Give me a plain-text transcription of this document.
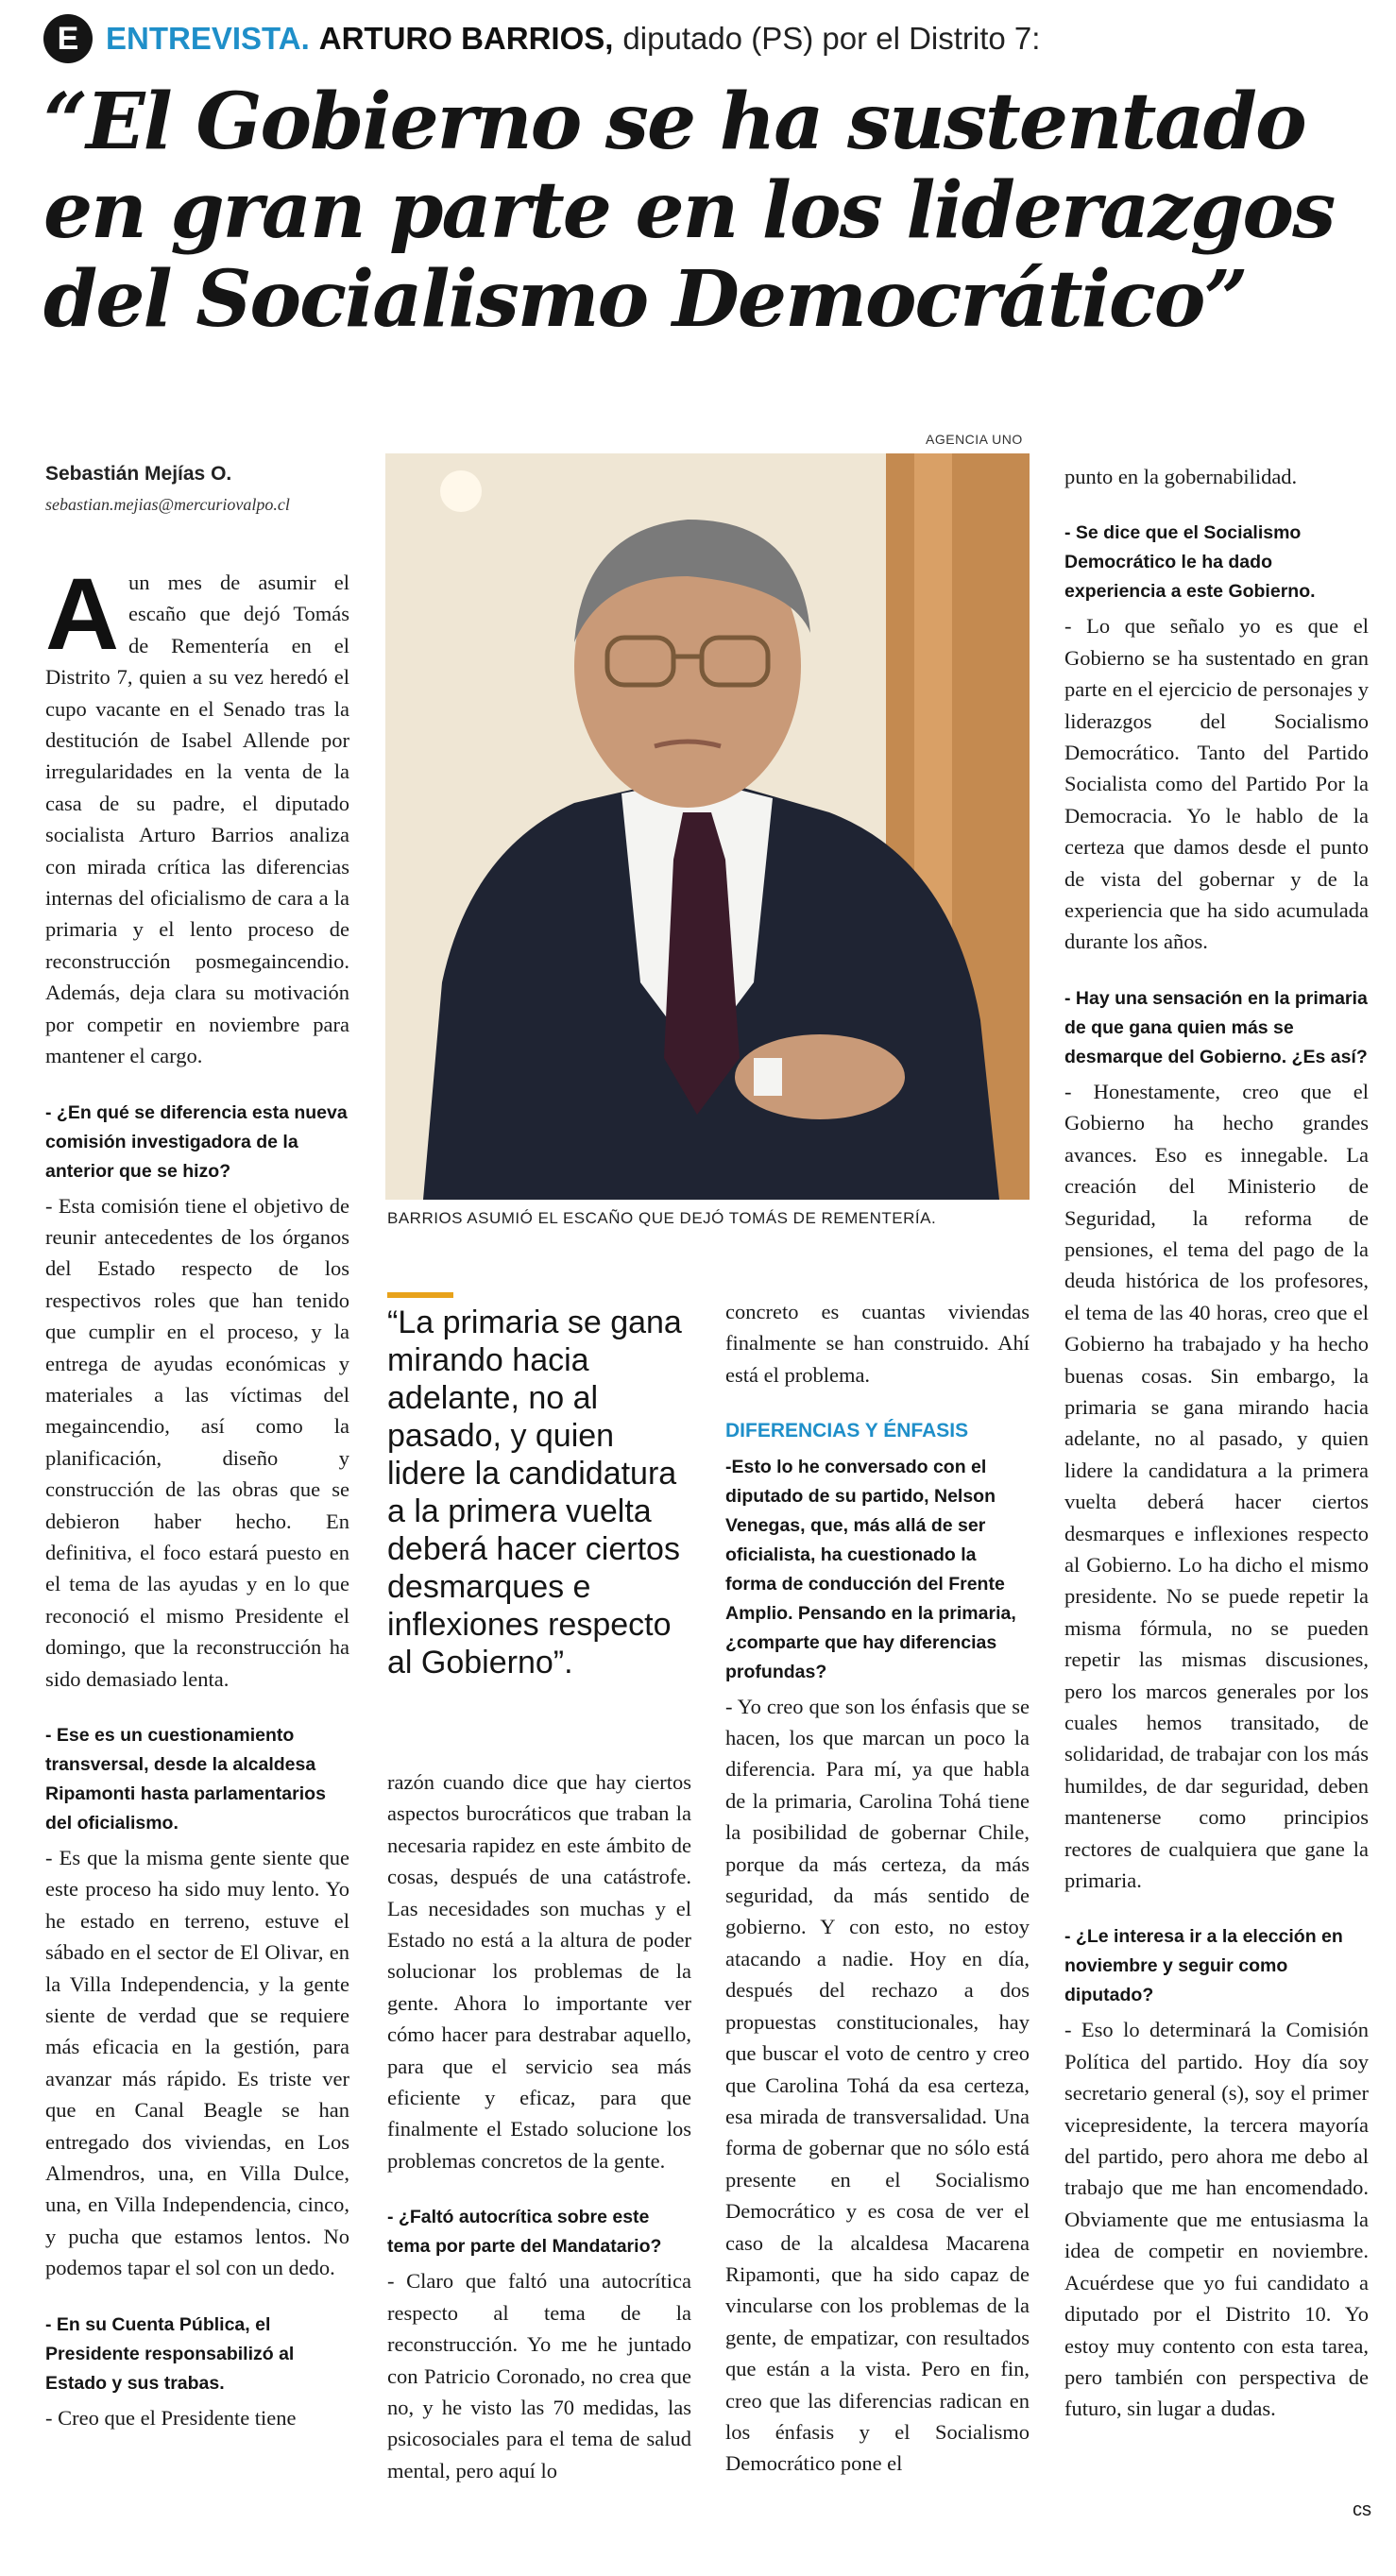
E ENTREVISTA. ARTURO BARRIOS, diputado (PS) por el Distrito 7:
“El Gobierno se ha sustentado en gran parte en los liderazgos del Socialismo Democrático”
Sebastián Mejías O.
sebastian.mejias@mercuriovalpo.cl
AGENCIA UNO
BARRIOS ASUMIÓ EL ESCAÑO QUE DEJÓ TOMÁS DE REMENTERÍA.

A un mes de asumir el escaño que dejó Tomás de Rementería en el Distrito 7, quien a su vez heredó el cupo vacante en el Senado tras la destitución de Isabel Allende por irregularidades en la venta de la casa de su padre, el diputado socialista Arturo Barrios analiza con mirada crítica las diferencias internas del oficialismo de cara a la primaria y el lento proceso de reconstrucción posmegaincendio. Además, deja clara su motivación por competir en noviembre para mantener el cargo.

- ¿En qué se diferencia esta nueva comisión investigadora de la anterior que se hizo?

- Esta comisión tiene el objetivo de reunir antecedentes de los órganos del Estado respecto de los respectivos roles que han tenido que cumplir en el proceso, y la entrega de ayudas económicas y materiales a las víctimas del megaincendio, así como la planificación, diseño y construcción de las obras que se debieron haber hecho. En definitiva, el foco estará puesto en el tema de las ayudas y en lo que reconoció el mismo Presidente el domingo, que la reconstrucción ha sido demasiado lenta.

- Ese es un cuestionamiento transversal, desde la alcaldesa Ripamonti hasta parlamentarios del oficialismo.

- Es que la misma gente siente que este proceso ha sido muy lento. Yo he estado en terreno, estuve el sábado en el sector de El Olivar, en la Villa Independencia, y la gente siente de verdad que se requiere más eficacia en la gestión, para avanzar más rápido. Es triste ver que en Canal Beagle se han entregado dos viviendas, en Los Almendros, una, en Villa Dulce, una, en Villa Independencia, cinco, y pucha que estamos lentos. No podemos tapar el sol con un dedo.

- En su Cuenta Pública, el Presidente responsabilizó al Estado y sus trabas.

- Creo que el Presidente tiene

“La primaria se gana mirando hacia adelante, no al pasado, y quien lidere la candidatura a la primera vuelta deberá hacer ciertos desmarques e inflexiones respecto al Gobierno”.

razón cuando dice que hay ciertos aspectos burocráticos que traban la necesaria rapidez en este ámbito de cosas, después de una catástrofe. Las necesidades son muchas y el Estado no está a la altura de poder solucionar los problemas de la gente. Ahora lo importante ver cómo hacer para destrabar aquello, para que el servicio sea más eficiente y eficaz, para que finalmente el Estado solucione los problemas concretos de la gente.

- ¿Faltó autocrítica sobre este tema por parte del Mandatario?

- Claro que faltó una autocrítica respecto al tema de la reconstrucción. Yo me he juntado con Patricio Coronado, no crea que no, y he visto las 70 medidas, las psicosociales para el tema de salud mental, pero aquí lo

concreto es cuantas viviendas finalmente se han construido. Ahí está el problema.

DIFERENCIAS Y ÉNFASIS
-Esto lo he conversado con el diputado de su partido, Nelson Venegas, que, más allá de ser oficialista, ha cuestionado la forma de conducción del Frente Amplio. Pensando en la primaria, ¿comparte que hay diferencias profundas?

- Yo creo que son los énfasis que se hacen, los que marcan un poco la diferencia. Para mí, ya que habla de la primaria, Carolina Tohá tiene la posibilidad de gobernar Chile, porque da más certeza, da más seguridad, da más sentido de gobierno. Y con esto, no estoy atacando a nadie. Hoy en día, después del rechazo a dos propuestas constitucionales, hay que buscar el voto de centro y creo que Carolina Tohá da esa certeza, esa mirada de transversalidad. Una forma de gobernar que no sólo está presente en el Socialismo Democrático y es cosa de ver el caso de la alcaldesa Macarena Ripamonti, que ha sido capaz de vincularse con los problemas de la gente, de empatizar, con resultados que están a la vista. Pero en fin, creo que las diferencias radican en los énfasis y el Socialismo Democrático pone el

punto en la gobernabilidad.

- Se dice que el Socialismo Democrático le ha dado experiencia a este Gobierno.

- Lo que señalo yo es que el Gobierno se ha sustentado en gran parte en el ejercicio de personajes y liderazgos del Socialismo Democrático. Tanto del Partido Socialista como del Partido Por la Democracia. Yo le hablo de la certeza que damos desde el punto de vista del gobernar y de la experiencia que ha sido acumulada durante los años.

- Hay una sensación en la primaria de que gana quien más se desmarque del Gobierno. ¿Es así?

- Honestamente, creo que el Gobierno ha hecho grandes avances. Eso es innegable. La creación del Ministerio de Seguridad, la reforma de pensiones, el tema del pago de la deuda histórica de los profesores, el tema de las 40 horas, creo que el Gobierno ha trabajado y ha hecho buenas cosas. Sin embargo, la primaria se gana mirando hacia adelante, no al pasado, y quien lidere la candidatura a la primera vuelta deberá hacer ciertos desmarques e inflexiones respecto al Gobierno. Lo ha dicho el mismo presidente. No se puede repetir la misma fórmula, no se pueden repetir las mismas discusiones, pero los marcos generales por los cuales hemos transitado, de solidaridad, de trabajar con los más humildes, de dar seguridad, deben mantenerse como principios rectores de cualquiera que gane la primaria.

- ¿Le interesa ir a la elección en noviembre y seguir como diputado?

- Eso lo determinará la Comisión Política del partido. Hoy día soy secretario general (s), soy el primer vicepresidente, la tercera mayoría del partido, pero ahora me debo al trabajo que me han encomendado. Obviamente que me entusiasma la idea de competir en noviembre. Acuérdese que yo fui candidato a diputado por el Distrito 10. Yo estoy muy contento con esta tarea, pero también con perspectiva de futuro, sin lugar a dudas.

cs
